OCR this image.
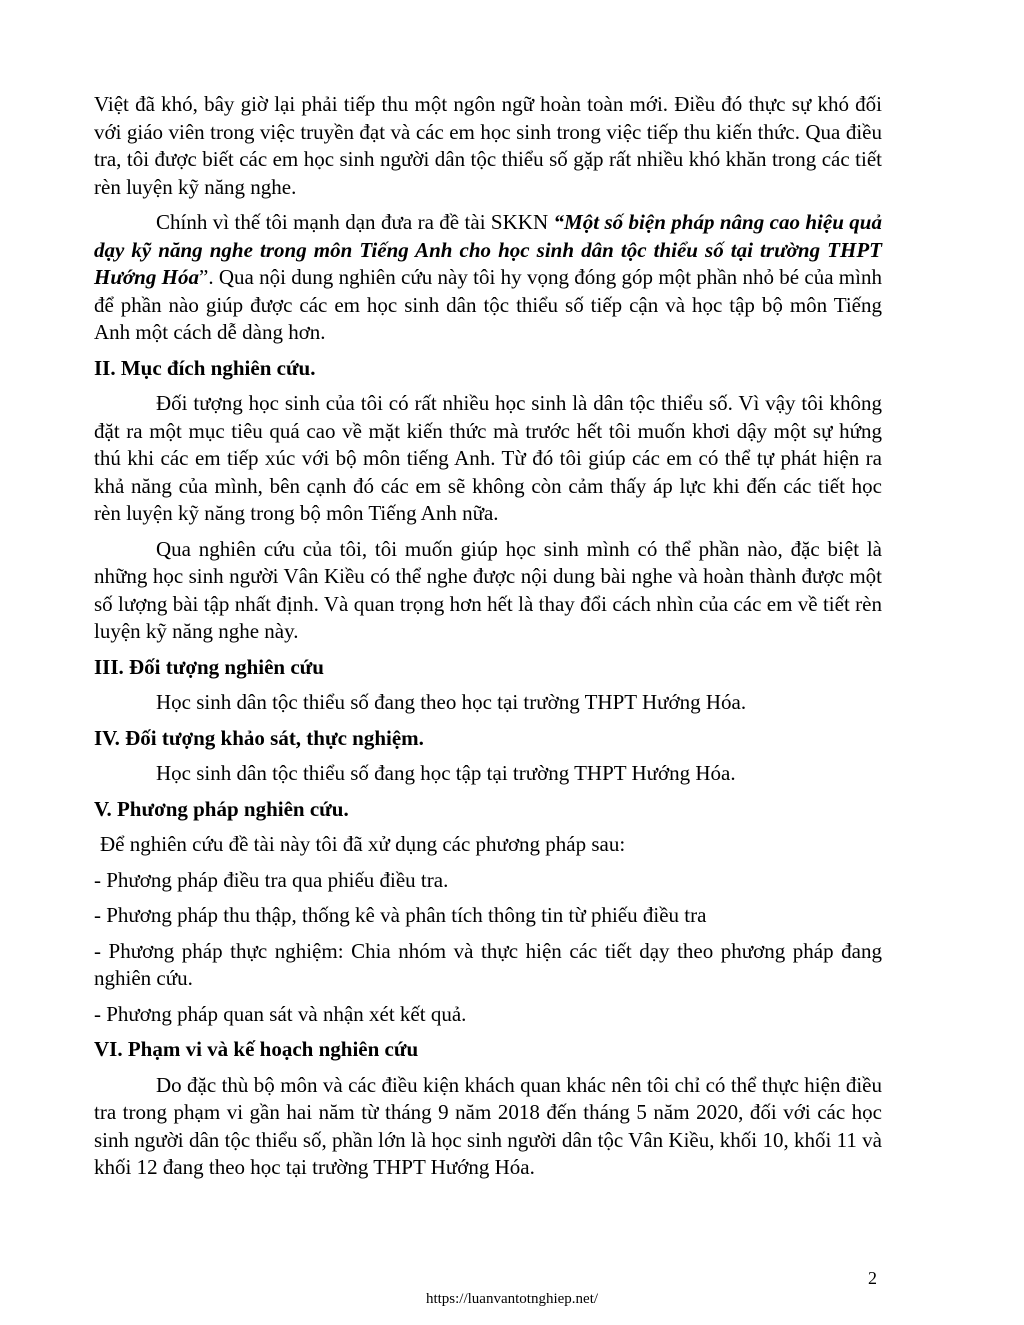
Việt đã khó, bây giờ lại phải tiếp thu một ngôn ngữ hoàn toàn mới. Điều đó thực sự khó đối với giáo viên trong việc truyền đạt và các em học sinh trong việc tiếp thu kiến thức. Qua điều tra, tôi được biết các em học sinh người dân tộc thiểu số gặp rất nhiều khó khăn trong các tiết rèn luyện kỹ năng nghe.

Chính vì thế tôi mạnh dạn đưa ra đề tài SKKN “Một số biện pháp nâng cao hiệu quả dạy kỹ năng nghe trong môn Tiếng Anh cho học sinh dân tộc thiểu số tại trường THPT Hướng Hóa”. Qua nội dung nghiên cứu này tôi hy vọng đóng góp một phần nhỏ bé của mình để phần nào giúp được các em học sinh dân tộc thiểu số tiếp cận và học tập bộ môn Tiếng Anh một cách dễ dàng hơn.

II. Mục đích nghiên cứu.

Đối tượng học sinh của tôi có rất nhiều học sinh là dân tộc thiểu số. Vì vậy tôi không đặt ra một mục tiêu quá cao về mặt kiến thức mà trước hết tôi muốn khơi dậy một sự hứng thú khi các em tiếp xúc với bộ môn tiếng Anh. Từ đó tôi giúp các em có thể tự phát hiện ra khả năng của mình, bên cạnh đó các em sẽ không còn cảm thấy áp lực khi đến các tiết học rèn luyện kỹ năng trong bộ môn Tiếng Anh nữa.

Qua nghiên cứu của tôi, tôi muốn giúp học sinh mình có thể phần nào, đặc biệt là những học sinh người Vân Kiều có thể nghe được nội dung bài nghe và hoàn thành được một số lượng bài tập nhất định. Và quan trọng hơn hết là thay đổi cách nhìn của các em về tiết rèn luyện kỹ năng nghe này.

III. Đối tượng nghiên cứu

Học sinh dân tộc thiểu số đang theo học tại trường THPT Hướng Hóa.

IV. Đối tượng khảo sát, thực nghiệm.

Học sinh dân tộc thiểu số đang học tập tại trường THPT Hướng Hóa.

V. Phương pháp nghiên cứu.

Để nghiên cứu đề tài này tôi đã xử dụng các phương pháp sau:

- Phương pháp điều tra qua phiếu điều tra.

- Phương pháp thu thập, thống kê và phân tích thông tin từ phiếu điều tra

- Phương pháp thực nghiệm: Chia nhóm và thực hiện các tiết dạy theo phương pháp đang nghiên cứu.

- Phương pháp quan sát và nhận xét kết quả.

VI. Phạm vi và kế hoạch nghiên cứu

Do đặc thù bộ môn và các điều kiện khách quan khác nên tôi chỉ có thể thực hiện điều tra trong phạm vi gần hai năm từ tháng 9 năm 2018 đến tháng 5 năm 2020, đối với các học sinh người dân tộc thiểu số, phần lớn là học sinh người dân tộc Vân Kiều, khối 10, khối 11 và khối 12 đang theo học tại trường THPT Hướng Hóa.

2
https://luanvantotnghiep.net/
